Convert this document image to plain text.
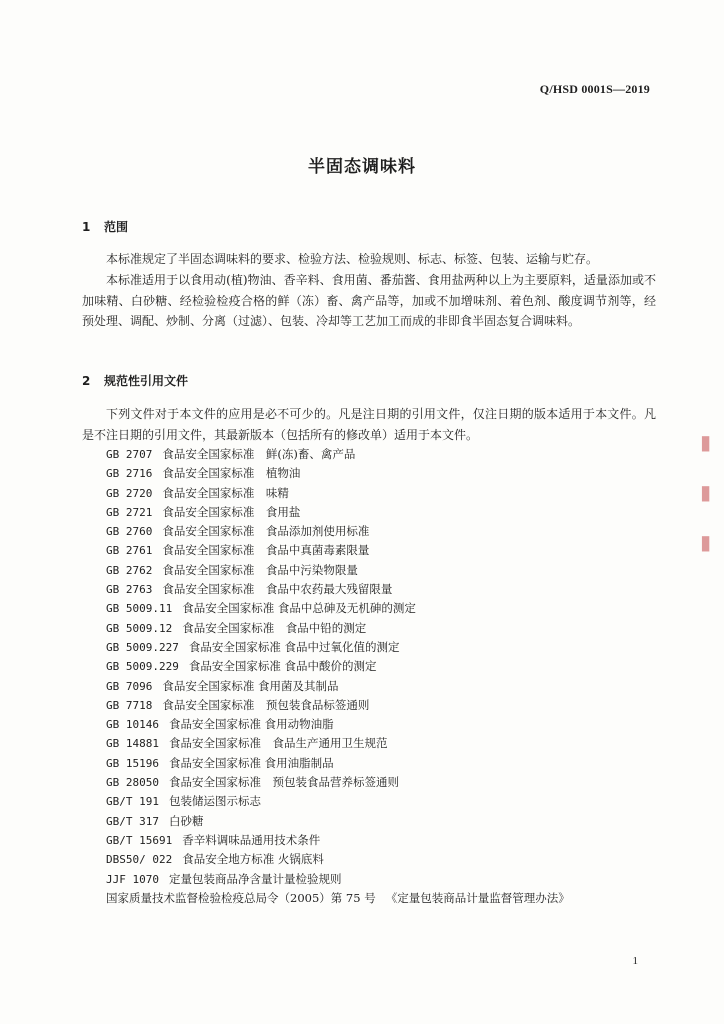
Q/HSD 0001S—2019
半固态调味料
1 范围
本标准规定了半固态调味料的要求、检验方法、检验规则、标志、标签、包装、运输与贮存。
本标准适用于以食用动(植)物油、香辛料、食用菌、番茄酱、食用盐两种以上为主要原料，适量添加或不加味精、白砂糖、经检验检疫合格的鲜（冻）畜、禽产品等，加或不加增味剂、着色剂、酸度调节剂等，经预处理、调配、炒制、分离（过滤）、包装、冷却等工艺加工而成的非即食半固态复合调味料。
2 规范性引用文件
下列文件对于本文件的应用是必不可少的。凡是注日期的引用文件，仅注日期的版本适用于本文件。凡是不注日期的引用文件，其最新版本（包括所有的修改单）适用于本文件。
GB 2707 食品安全国家标准　鲜(冻)畜、禽产品
GB 2716 食品安全国家标准　植物油
GB 2720 食品安全国家标准　味精
GB 2721 食品安全国家标准　食用盐
GB 2760 食品安全国家标准　食品添加剂使用标准
GB 2761 食品安全国家标准　食品中真菌毒素限量
GB 2762 食品安全国家标准　食品中污染物限量
GB 2763 食品安全国家标准　食品中农药最大残留限量
GB 5009.11 食品安全国家标准 食品中总砷及无机砷的测定
GB 5009.12 食品安全国家标准　食品中铅的测定
GB 5009.227 食品安全国家标准 食品中过氧化值的测定
GB 5009.229 食品安全国家标准 食品中酸价的测定
GB 7096 食品安全国家标准 食用菌及其制品
GB 7718 食品安全国家标准　预包装食品标签通则
GB 10146 食品安全国家标准 食用动物油脂
GB 14881 食品安全国家标准　食品生产通用卫生规范
GB 15196 食品安全国家标准 食用油脂制品
GB 28050 食品安全国家标准　预包装食品营养标签通则
GB/T 191 包装储运图示标志
GB/T 317 白砂糖
GB/T 15691 香辛料调味品通用技术条件
DBS50/ 022 食品安全地方标准 火锅底料
JJF 1070 定量包装商品净含量计量检验规则
国家质量技术监督检验检疫总局令（2005）第 75 号 《定量包装商品计量监督管理办法》
1
▮
▮
▮
